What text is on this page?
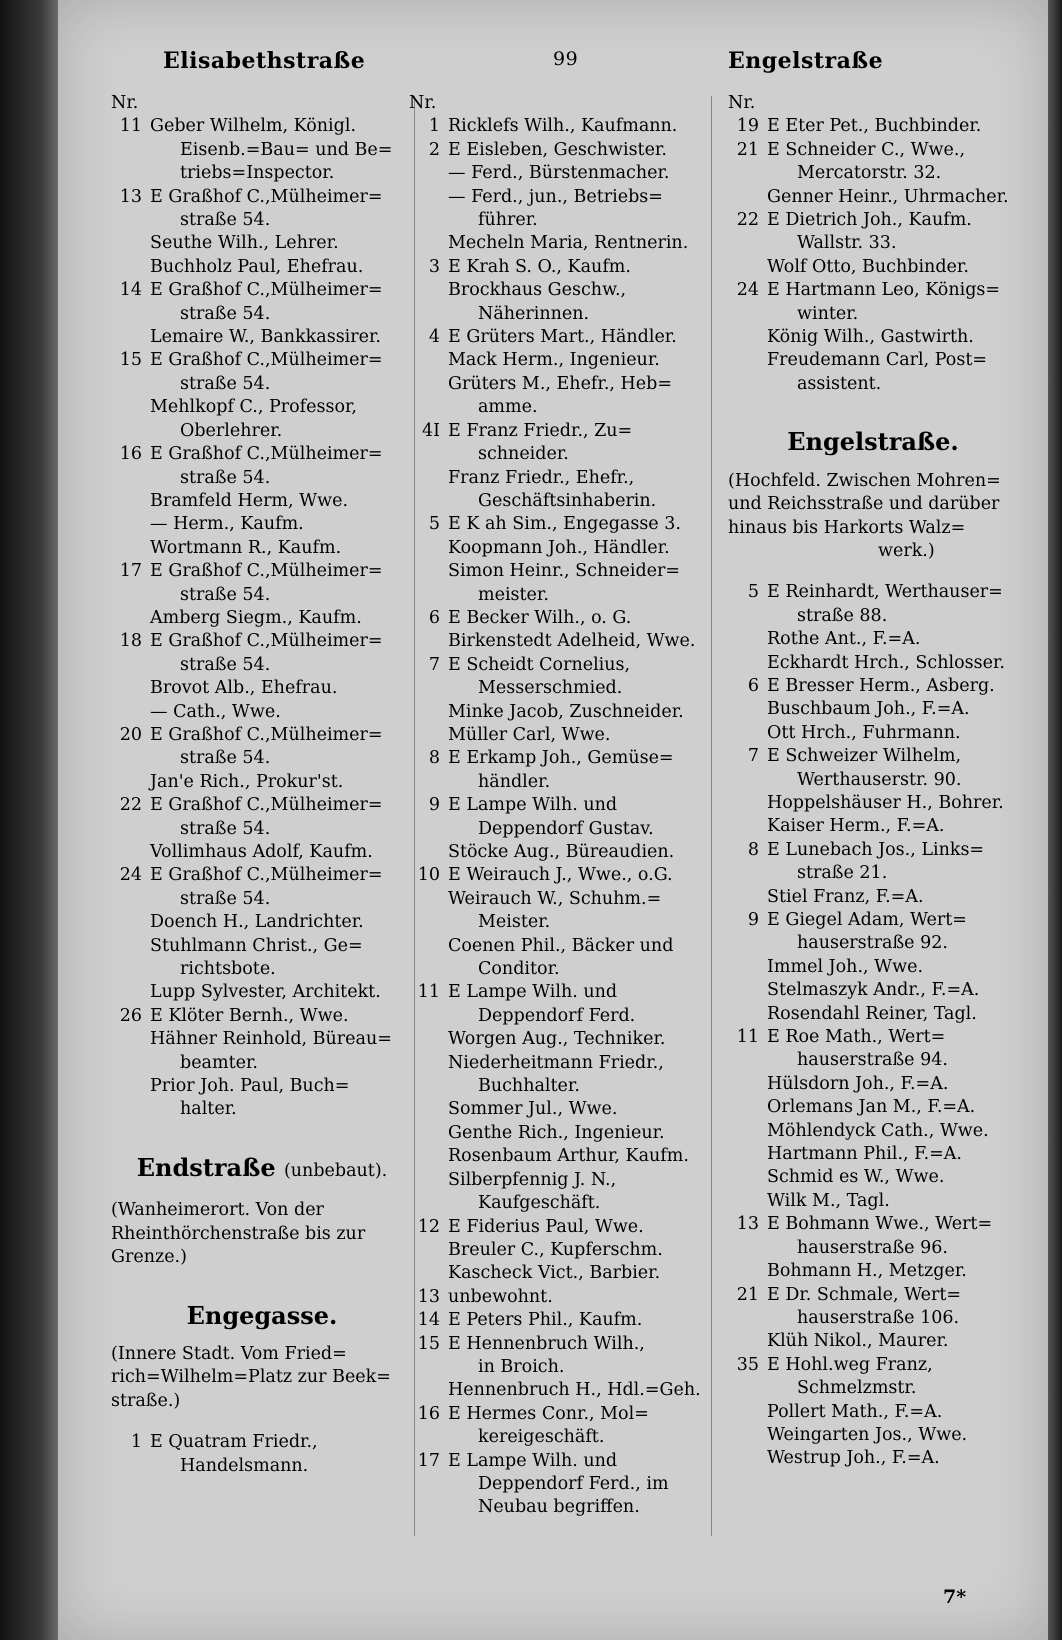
Elisabethstraße	99	Engelstraße
Nr.
11 Geber Wilhelm, Königl.
Eisenb.=Bau= und Be=
triebs=Inspector.
13 E Graßhof C.,Mülheimer=
straße 54.
Seuthe Wilh., Lehrer.
Buchholz Paul, Ehefrau.
14 E Graßhof C.,Mülheimer=
straße 54.
Lemaire W., Bankkassirer.
15 E Graßhof C.,Mülheimer=
straße 54.
Mehlkopf C., Professor,
Oberlehrer.
16 E Graßhof C.,Mülheimer=
straße 54.
Bramfeld Herm, Wwe.
— Herm., Kaufm.
Wortmann R., Kaufm.
17 E Graßhof C.,Mülheimer=
straße 54.
Amberg Siegm., Kaufm.
18 E Graßhof C.,Mülheimer=
straße 54.
Brovot Alb., Ehefrau.
— Cath., Wwe.
20 E Graßhof C.,Mülheimer=
straße 54.
Jan'e Rich., Prokur'st.
22 E Graßhof C.,Mülheimer=
straße 54.
Vollimhaus Adolf, Kaufm.
24 E Graßhof C.,Mülheimer=
straße 54.
Doench H., Landrichter.
Stuhlmann Christ., Ge=
richtsbote.
Lupp Sylvester, Architekt.
26 E Klöter Bernh., Wwe.
Hähner Reinhold, Büreau=
beamter.
Prior Joh. Paul, Buch=
halter.
Endstraße (unbebaut).
(Wanheimerort. Von der
Rheinthörchenstraße bis zur
Grenze.)
Engegasse.
(Innere Stadt. Vom Fried=
rich=Wilhelm=Platz zur Beek=
straße.)
1 E Quatram Friedr.,
Handelsmann.
Nr.
1 Ricklefs Wilh., Kaufmann.
2 E Eisleben, Geschwister.
— Ferd., Bürstenmacher.
— Ferd., jun., Betriebs=
führer.
Mecheln Maria, Rentnerin.
3 E Krah S. O., Kaufm.
Brockhaus Geschw.,
Näherinnen.
4 E Grüters Mart., Händler.
Mack Herm., Ingenieur.
Grüters M., Ehefr., Heb=
amme.
4I E Franz Friedr., Zu=
schneider.
Franz Friedr., Ehefr.,
Geschäftsinhaberin.
5 E K ah Sim., Engegasse 3.
Koopmann Joh., Händler.
Simon Heinr., Schneider=
meister.
6 E Becker Wilh., o. G.
Birkenstedt Adelheid, Wwe.
7 E Scheidt Cornelius,
Messerschmied.
Minke Jacob, Zuschneider.
Müller Carl, Wwe.
8 E Erkamp Joh., Gemüse=
händler.
9 E Lampe Wilh. und
Deppendorf Gustav.
Stöcke Aug., Büreaudien.
10 E Weirauch J., Wwe., o.G.
Weirauch W., Schuhm.=
Meister.
Coenen Phil., Bäcker und
Conditor.
11 E Lampe Wilh. und
Deppendorf Ferd.
Worgen Aug., Techniker.
Niederheitmann Friedr.,
Buchhalter.
Sommer Jul., Wwe.
Genthe Rich., Ingenieur.
Rosenbaum Arthur, Kaufm.
Silberpfennig J. N.,
Kaufgeschäft.
12 E Fiderius Paul, Wwe.
Breuler C., Kupferschm.
Kascheck Vict., Barbier.
13 unbewohnt.
14 E Peters Phil., Kaufm.
15 E Hennenbruch Wilh.,
in Broich.
Hennenbruch H., Hdl.=Geh.
16 E Hermes Conr., Mol=
kereigeschäft.
17 E Lampe Wilh. und
Deppendorf Ferd., im
Neubau begriffen.
Nr.
19 E Eter Pet., Buchbinder.
21 E Schneider C., Wwe.,
Mercatorstr. 32.
Genner Heinr., Uhrmacher.
22 E Dietrich Joh., Kaufm.
Wallstr. 33.
Wolf Otto, Buchbinder.
24 E Hartmann Leo, Königs=
winter.
König Wilh., Gastwirth.
Freudemann Carl, Post=
assistent.
Engelstraße.
(Hochfeld. Zwischen Mohren=
und Reichsstraße und darüber
hinaus bis Harkorts Walz=
werk.)
5 E Reinhardt, Werthauser=
straße 88.
Rothe Ant., F.=A.
Eckhardt Hrch., Schlosser.
6 E Bresser Herm., Asberg.
Buschbaum Joh., F.=A.
Ott Hrch., Fuhrmann.
7 E Schweizer Wilhelm,
Werthauserstr. 90.
Hoppelshäuser H., Bohrer.
Kaiser Herm., F.=A.
8 E Lunebach Jos., Links=
straße 21.
Stiel Franz, F.=A.
9 E Giegel Adam, Wert=
hauserstraße 92.
Immel Joh., Wwe.
Stelmaszyk Andr., F.=A.
Rosendahl Reiner, Tagl.
11 E Roe Math., Wert=
hauserstraße 94.
Hülsdorn Joh., F.=A.
Orlemans Jan M., F.=A.
Möhlendyck Cath., Wwe.
Hartmann Phil., F.=A.
Schmid es W., Wwe.
Wilk M., Tagl.
13 E Bohmann Wwe., Wert=
hauserstraße 96.
Bohmann H., Metzger.
21 E Dr. Schmale, Wert=
hauserstraße 106.
Klüh Nikol., Maurer.
35 E Hohl.weg Franz,
Schmelzmstr.
Pollert Math., F.=A.
Weingarten Jos., Wwe.
Westrup Joh., F.=A.
7*
